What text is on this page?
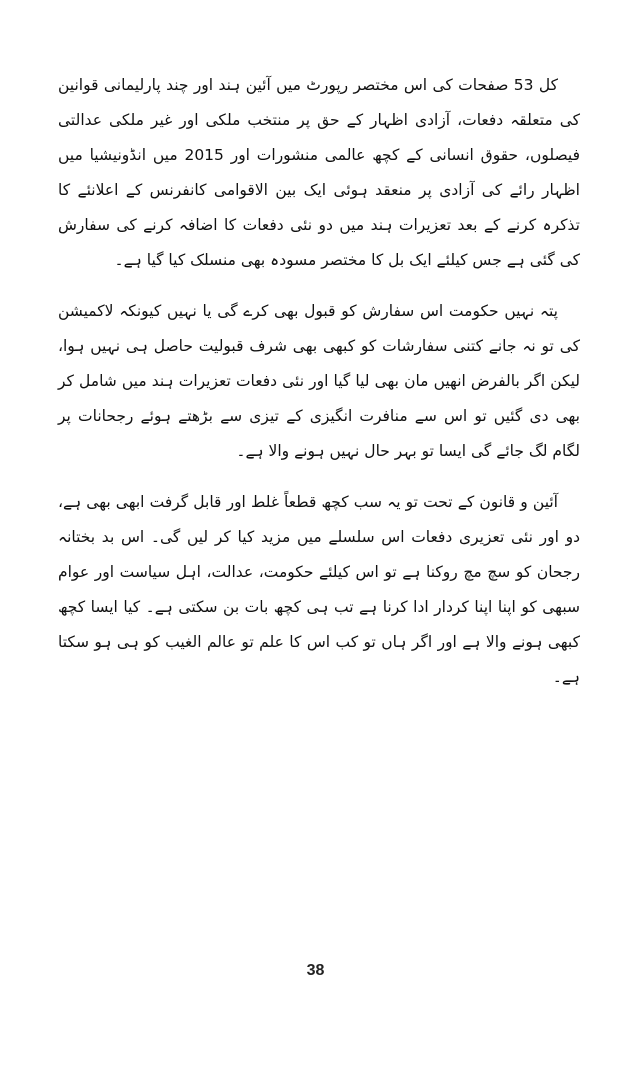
کل 53 صفحات کی اس مختصر رپورٹ میں آئین ہند اور چند پارلیمانی قوانین کی متعلقہ دفعات، آزادی اظہار کے حق پر منتخب ملکی اور غیر ملکی عدالتی فیصلوں، حقوق انسانی کے کچھ عالمی منشورات اور 2015 میں انڈونیشیا میں اظہار رائے کی آزادی پر منعقد ہوئی ایک بین الاقوامی کانفرنس کے اعلانئے کا تذکرہ کرنے کے بعد تعزیرات ہند میں دو نئی دفعات کا اضافہ کرنے کی سفارش کی گئی ہے جس کیلئے ایک بل کا مختصر مسودہ بھی منسلک کیا گیا ہے۔

پتہ نہیں حکومت اس سفارش کو قبول بھی کرے گی یا نہیں کیونکہ لاکمیشن کی تو نہ جانے کتنی سفارشات کو کبھی بھی شرف قبولیت حاصل ہی نہیں ہوا، لیکن اگر بالفرض انھیں مان بھی لیا گیا اور نئی دفعات تعزیرات ہند میں شامل کر بھی دی گئیں تو اس سے منافرت انگیزی کے تیزی سے بڑھتے ہوئے رجحانات پر لگام لگ جائے گی ایسا تو بہر حال نہیں ہونے والا ہے۔

آئین و قانون کے تحت تو یہ سب کچھ قطعاً غلط اور قابل گرفت ابھی بھی ہے، دو اور نئی تعزیری دفعات اس سلسلے میں مزید کیا کر لیں گی۔ اس بد بختانہ رجحان کو سچ مچ روکنا ہے تو اس کیلئے حکومت، عدالت، اہل سیاست اور عوام سبھی کو اپنا اپنا کردار ادا کرنا ہے تب ہی کچھ بات بن سکتی ہے۔ کیا ایسا کچھ کبھی ہونے والا ہے اور اگر ہاں تو کب اس کا علم تو عالم الغیب کو ہی ہو سکتا ہے۔

38
